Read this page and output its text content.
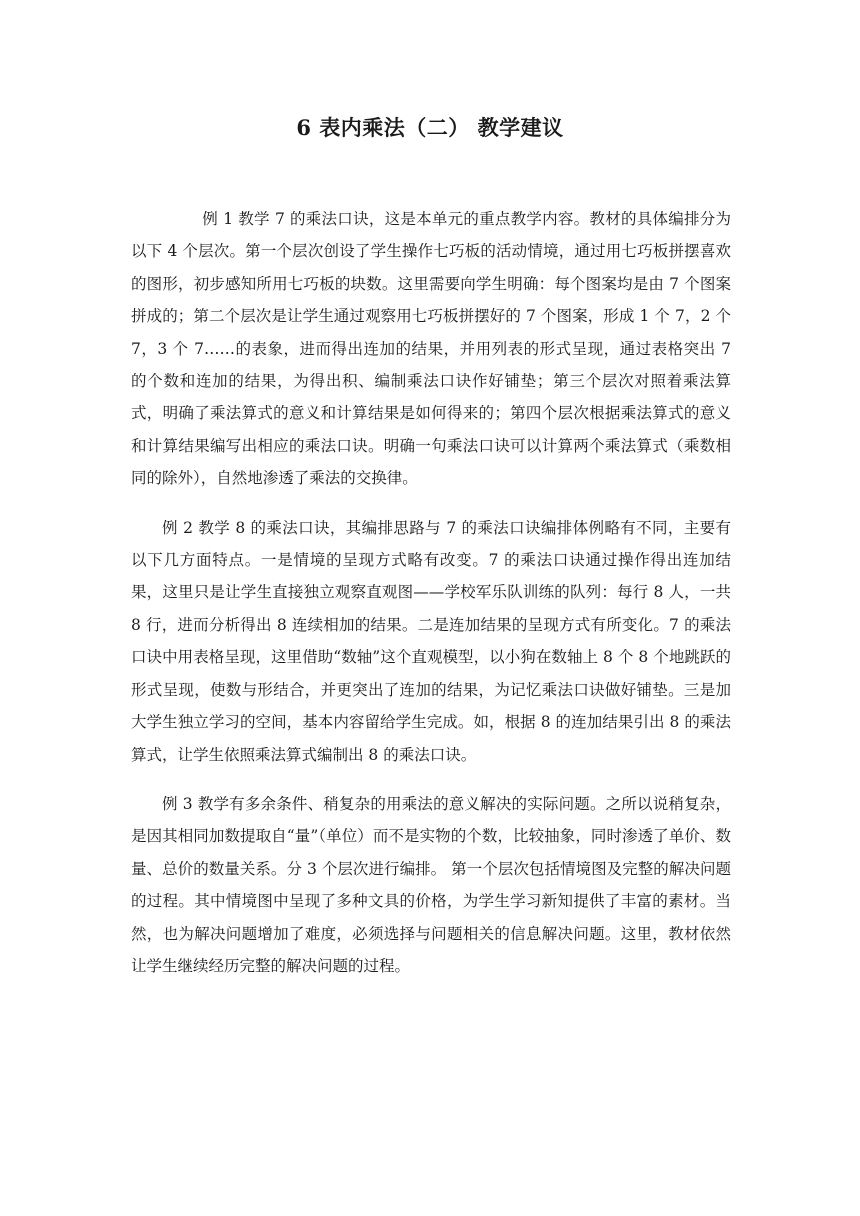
6 表内乘法（二） 教学建议

例 1 教学 7 的乘法口诀，这是本单元的重点教学内容。教材的具体编排分为以下 4 个层次。第一个层次创设了学生操作七巧板的活动情境，通过用七巧板拼摆喜欢的图形，初步感知所用七巧板的块数。这里需要向学生明确：每个图案均是由 7 个图案拼成的；第二个层次是让学生通过观察用七巧板拼摆好的 7 个图案，形成 1 个 7，2 个 7，3 个 7……的表象，进而得出连加的结果，并用列表的形式呈现，通过表格突出 7 的个数和连加的结果，为得出积、编制乘法口诀作好铺垫；第三个层次对照着乘法算式，明确了乘法算式的意义和计算结果是如何得来的；第四个层次根据乘法算式的意义和计算结果编写出相应的乘法口诀。明确一句乘法口诀可以计算两个乘法算式（乘数相同的除外），自然地渗透了乘法的交换律。

例 2 教学 8 的乘法口诀，其编排思路与 7 的乘法口诀编排体例略有不同，主要有以下几方面特点。一是情境的呈现方式略有改变。7 的乘法口诀通过操作得出连加结果，这里只是让学生直接独立观察直观图——学校军乐队训练的队列：每行 8 人，一共 8 行，进而分析得出 8 连续相加的结果。二是连加结果的呈现方式有所变化。7 的乘法口诀中用表格呈现，这里借助“数轴”这个直观模型，以小狗在数轴上 8 个 8 个地跳跃的形式呈现，使数与形结合，并更突出了连加的结果，为记忆乘法口诀做好铺垫。三是加大学生独立学习的空间，基本内容留给学生完成。如，根据 8 的连加结果引出 8 的乘法算式，让学生依照乘法算式编制出 8 的乘法口诀。

例 3 教学有多余条件、稍复杂的用乘法的意义解决的实际问题。之所以说稍复杂，是因其相同加数提取自“量”（单位）而不是实物的个数，比较抽象，同时渗透了单价、数量、总价的数量关系。分 3 个层次进行编排。 第一个层次包括情境图及完整的解决问题的过程。其中情境图中呈现了多种文具的价格，为学生学习新知提供了丰富的素材。当然，也为解决问题增加了难度，必须选择与问题相关的信息解决问题。这里，教材依然让学生继续经历完整的解决问题的过程。
